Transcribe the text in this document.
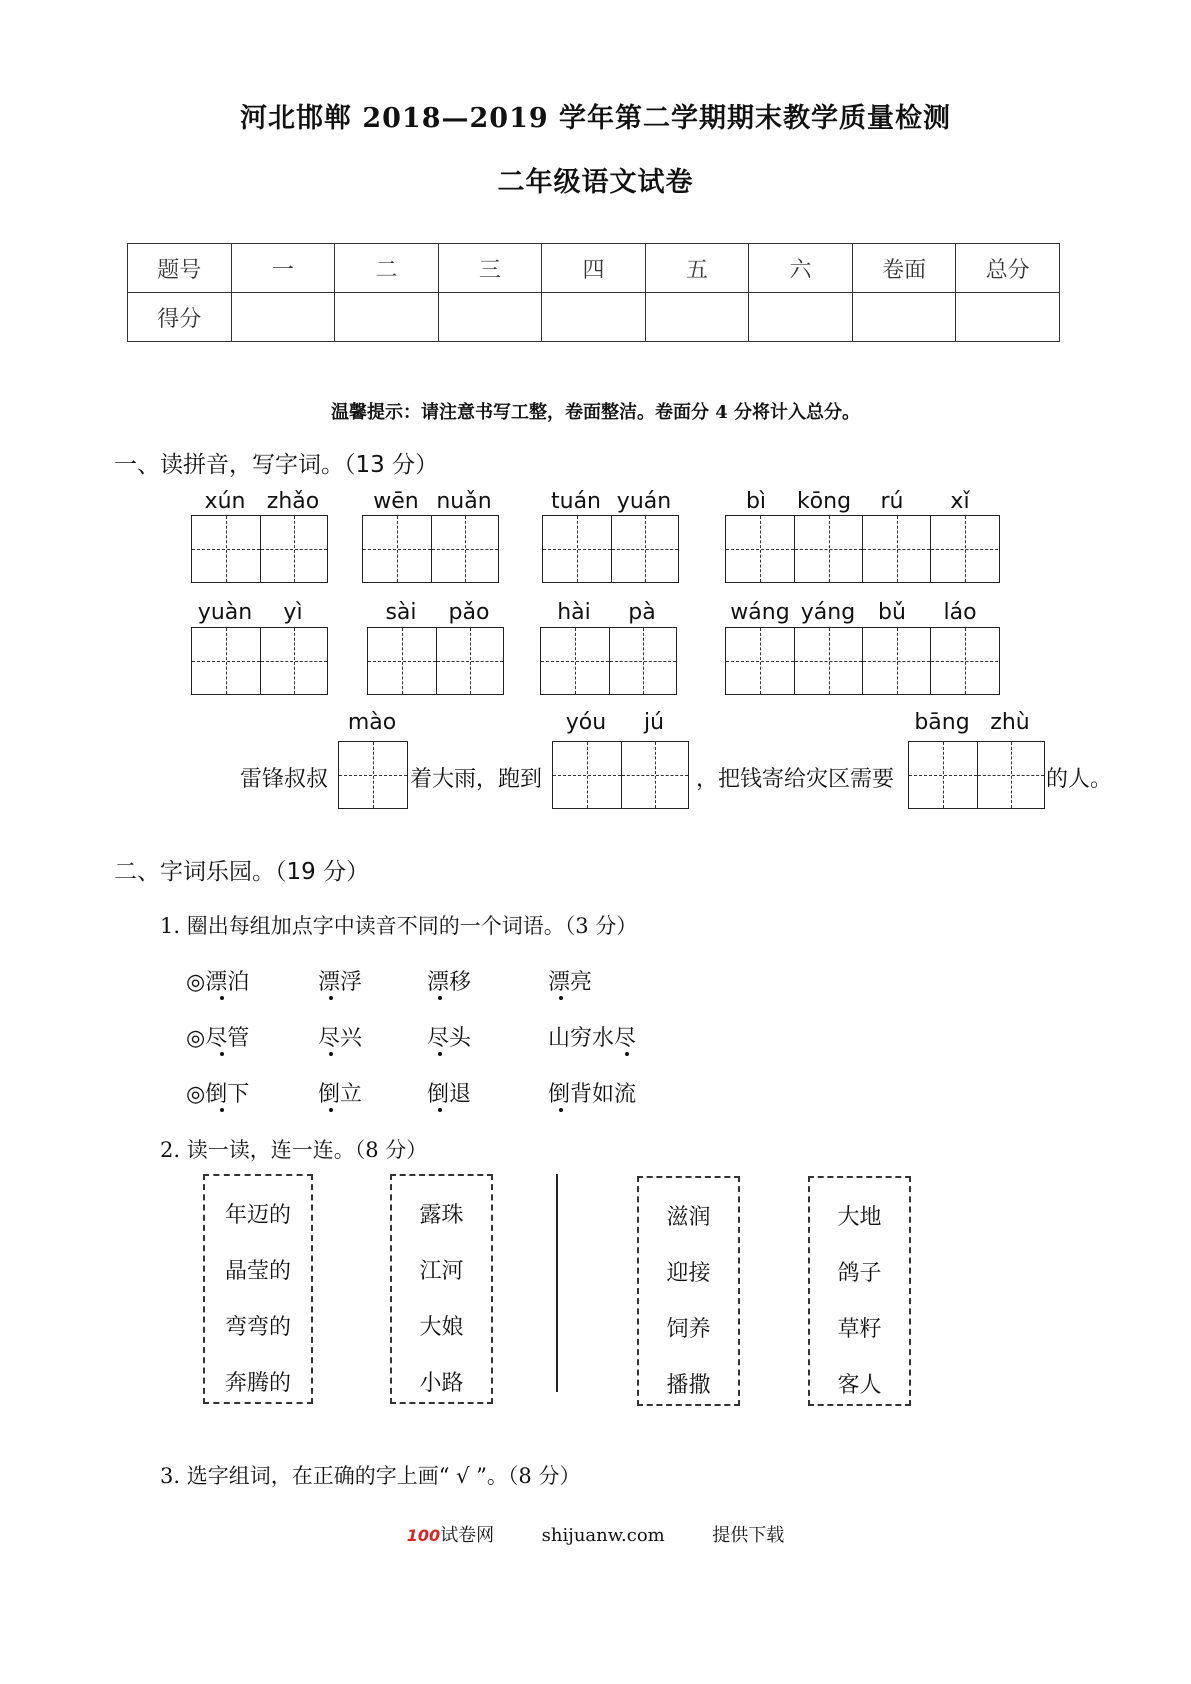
河北邯郸 2018—2019 学年第二学期期末教学质量检测
二年级语文试卷
题号	一	二	三	四	五	六	卷面	总分
得分								
温馨提示：请注意书写工整，卷面整洁。卷面分 4 分将计入总分。
一、读拼音，写字词。（13 分）
xún zhǎo	wēn nuǎn	tuán yuán	bì	kōng	rú	xǐ
yuàn	yì	sài	pǎo	hài	pà	wáng yáng	bǔ	láo
mào	yóu	jú	bāng zhù
雷锋叔叔	着大雨，跑到	，把钱寄给灾区需要	的人。
二、字词乐园。（19 分）
1. 圈出每组加点字中读音不同的一个词语。（3 分）
◎漂泊	漂浮	漂移	漂亮
◎尽管	尽兴	尽头	山穷水尽
◎倒下	倒立	倒退	倒背如流
2. 读一读，连一连。（8 分）
年迈的
晶莹的
弯弯的
奔腾的
露珠
江河
大娘
小路
滋润
迎接
饲养
播撒
大地
鸽子
草籽
客人
3. 选字组词，在正确的字上画“ √ ”。（8 分）
100试卷网	shijuanw.com	提供下载
